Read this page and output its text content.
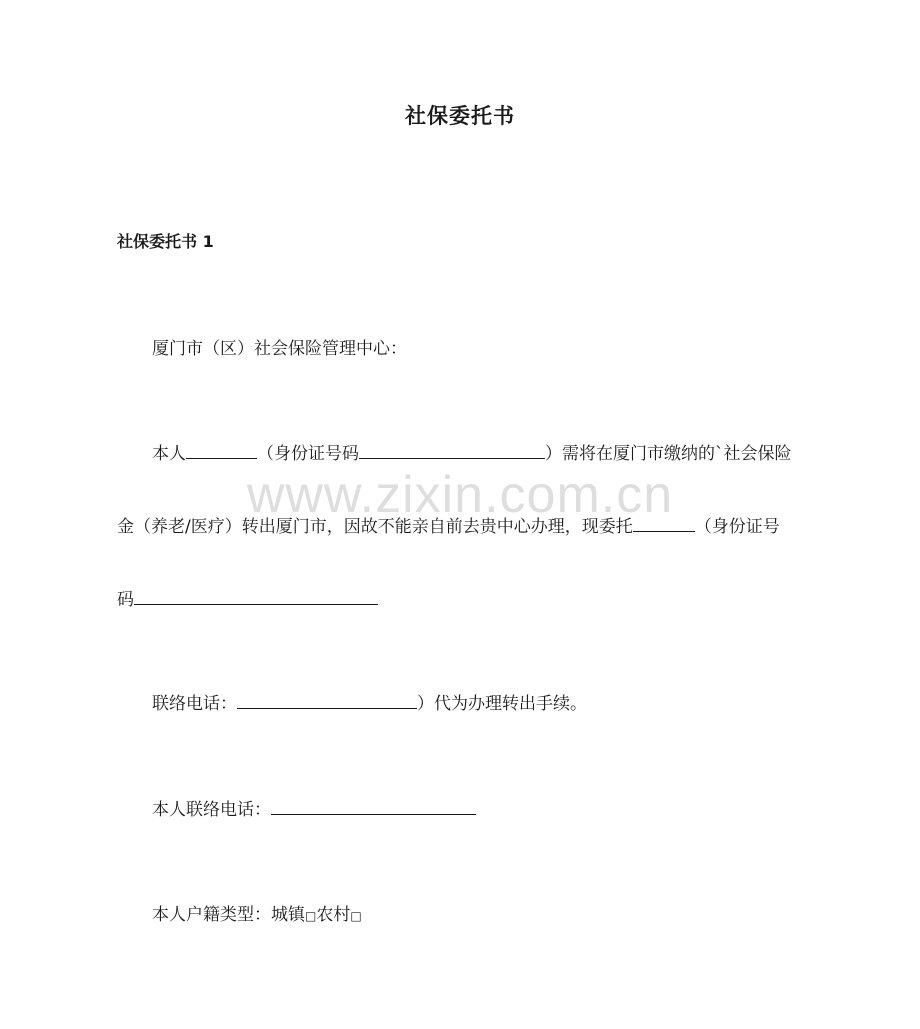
www.zixin.com.cn
社保委托书
社保委托书 1
厦门市（区）社会保险管理中心：
本人	（身份证号码	）需将在厦门市缴纳的`社会保险
金（养老/医疗）转出厦门市，因故不能亲自前去贵中心办理，现委托	（身份证号
码
联络电话：	）代为办理转出手续。
本人联络电话：
本人户籍类型：城镇□农村□
